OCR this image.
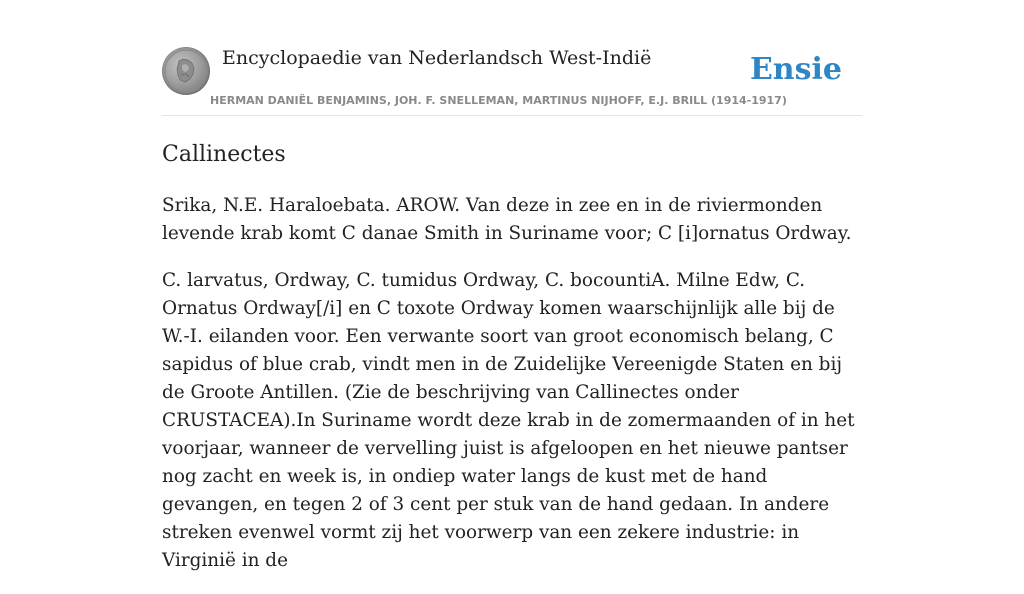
Encyclopaedie van Nederlandsch West-Indië	Ensie
HERMAN DANIËL BENJAMINS, JOH. F. SNELLEMAN, MARTINUS NIJHOFF, E.J. BRILL (1914-1917)
Callinectes

Srika, N.E. Haraloebata. AROW. Van deze in zee en in de riviermonden levende krab komt C danae Smith in Suriname voor; C [i]ornatus Ordway.

C. larvatus, Ordway, C. tumidus Ordway, C. bocountiA. Milne Edw, C. Ornatus Ordway[/i] en C toxote Ordway komen waarschijnlijk alle bij de W.-I. eilanden voor. Een verwante soort van groot economisch belang, C sapidus of blue crab, vindt men in de Zuidelijke Vereenigde Staten en bij de Groote Antillen. (Zie de beschrijving van Callinectes onder CRUSTACEA).In Suriname wordt deze krab in de zomermaanden of in het voorjaar, wanneer de vervelling juist is afgeloopen en het nieuwe pantser nog zacht en week is, in ondiep water langs de kust met de hand gevangen, en tegen 2 of 3 cent per stuk van de hand gedaan. In andere streken evenwel vormt zij het voorwerp van een zekere industrie: in Virginië in de
